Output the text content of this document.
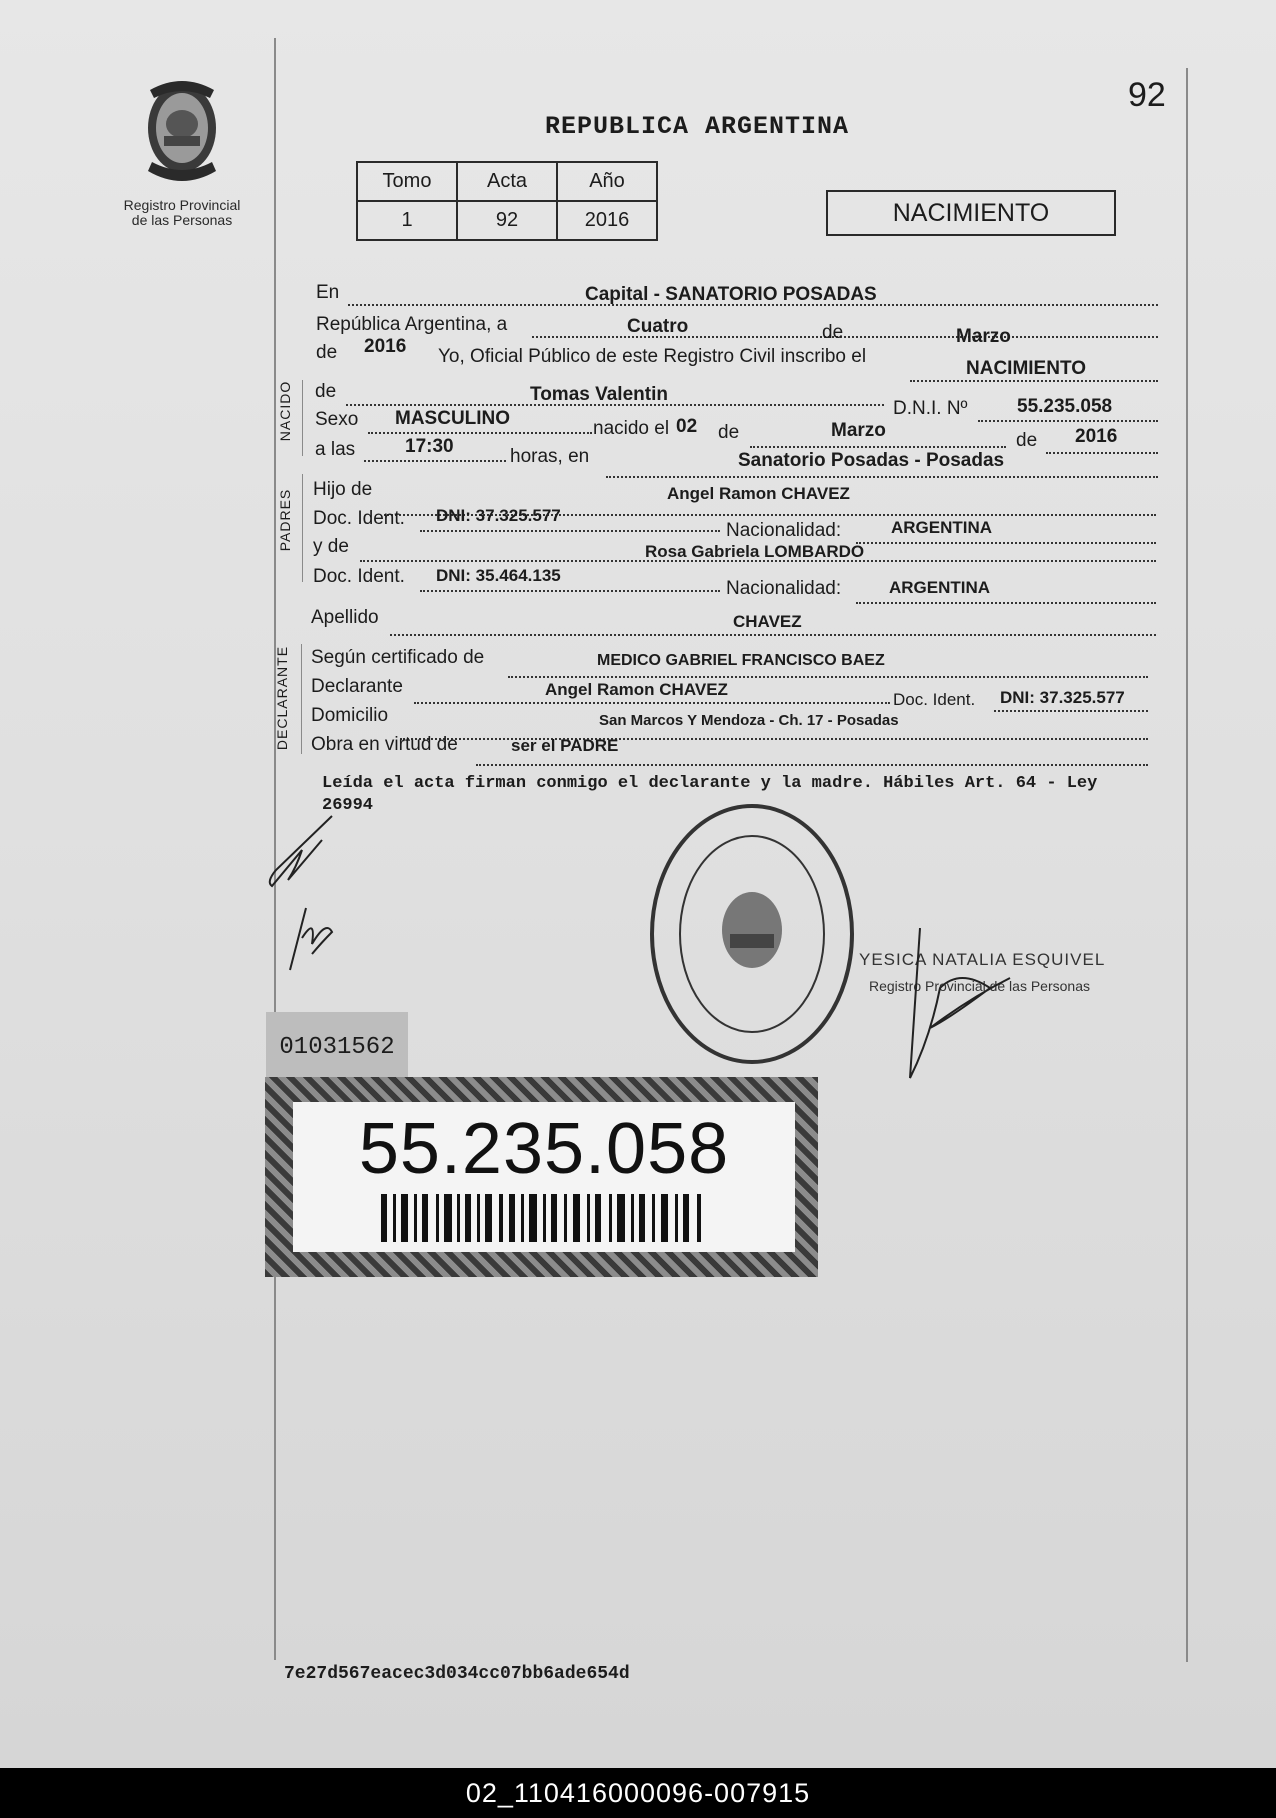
Registro Provincial
de las Personas
92
REPUBLICA ARGENTINA
Tomo	Acta	Año
1	92	2016	NACIMIENTO
En	Capital - SANATORIO POSADAS
República Argentina, a	Cuatro	de	Marzo
de 2016 Yo, Oficial Público de este Registro Civil inscribo el
NACIMIENTO
NACIDO de	Tomas Valentin
D.N.I. Nº	55.235.058
Sexo MASCULINO	nacido el 02 de	Marzo	de 2016
a las	17:30	horas, en	Sanatorio Posadas - Posadas
PADRES Hijo de	Angel Ramon CHAVEZ
Doc. Ident. DNI: 37.325.577
Nacionalidad:	ARGENTINA
y de	Rosa Gabriela LOMBARDO
Doc. Ident. DNI: 35.464.135
Nacionalidad:	ARGENTINA
Apellido	CHAVEZ
DECLARANTE Según certificado de	MEDICO GABRIEL FRANCISCO BAEZ
Declarante	Angel Ramon CHAVEZ
Doc. Ident. DNI: 37.325.577
Domicilio	San Marcos Y Mendoza - Ch. 17 - Posadas
Obra en virtud de	ser el PADRE
Leída el acta firman conmigo el declarante y la madre. Hábiles Art. 64 - Ley 26994
YESICA NATALIA ESQUIVEL
Registro Provincial de las Personas
01031562
55.235.058
7e27d567eacec3d034cc07bb6ade654d
02_110416000096-007915
